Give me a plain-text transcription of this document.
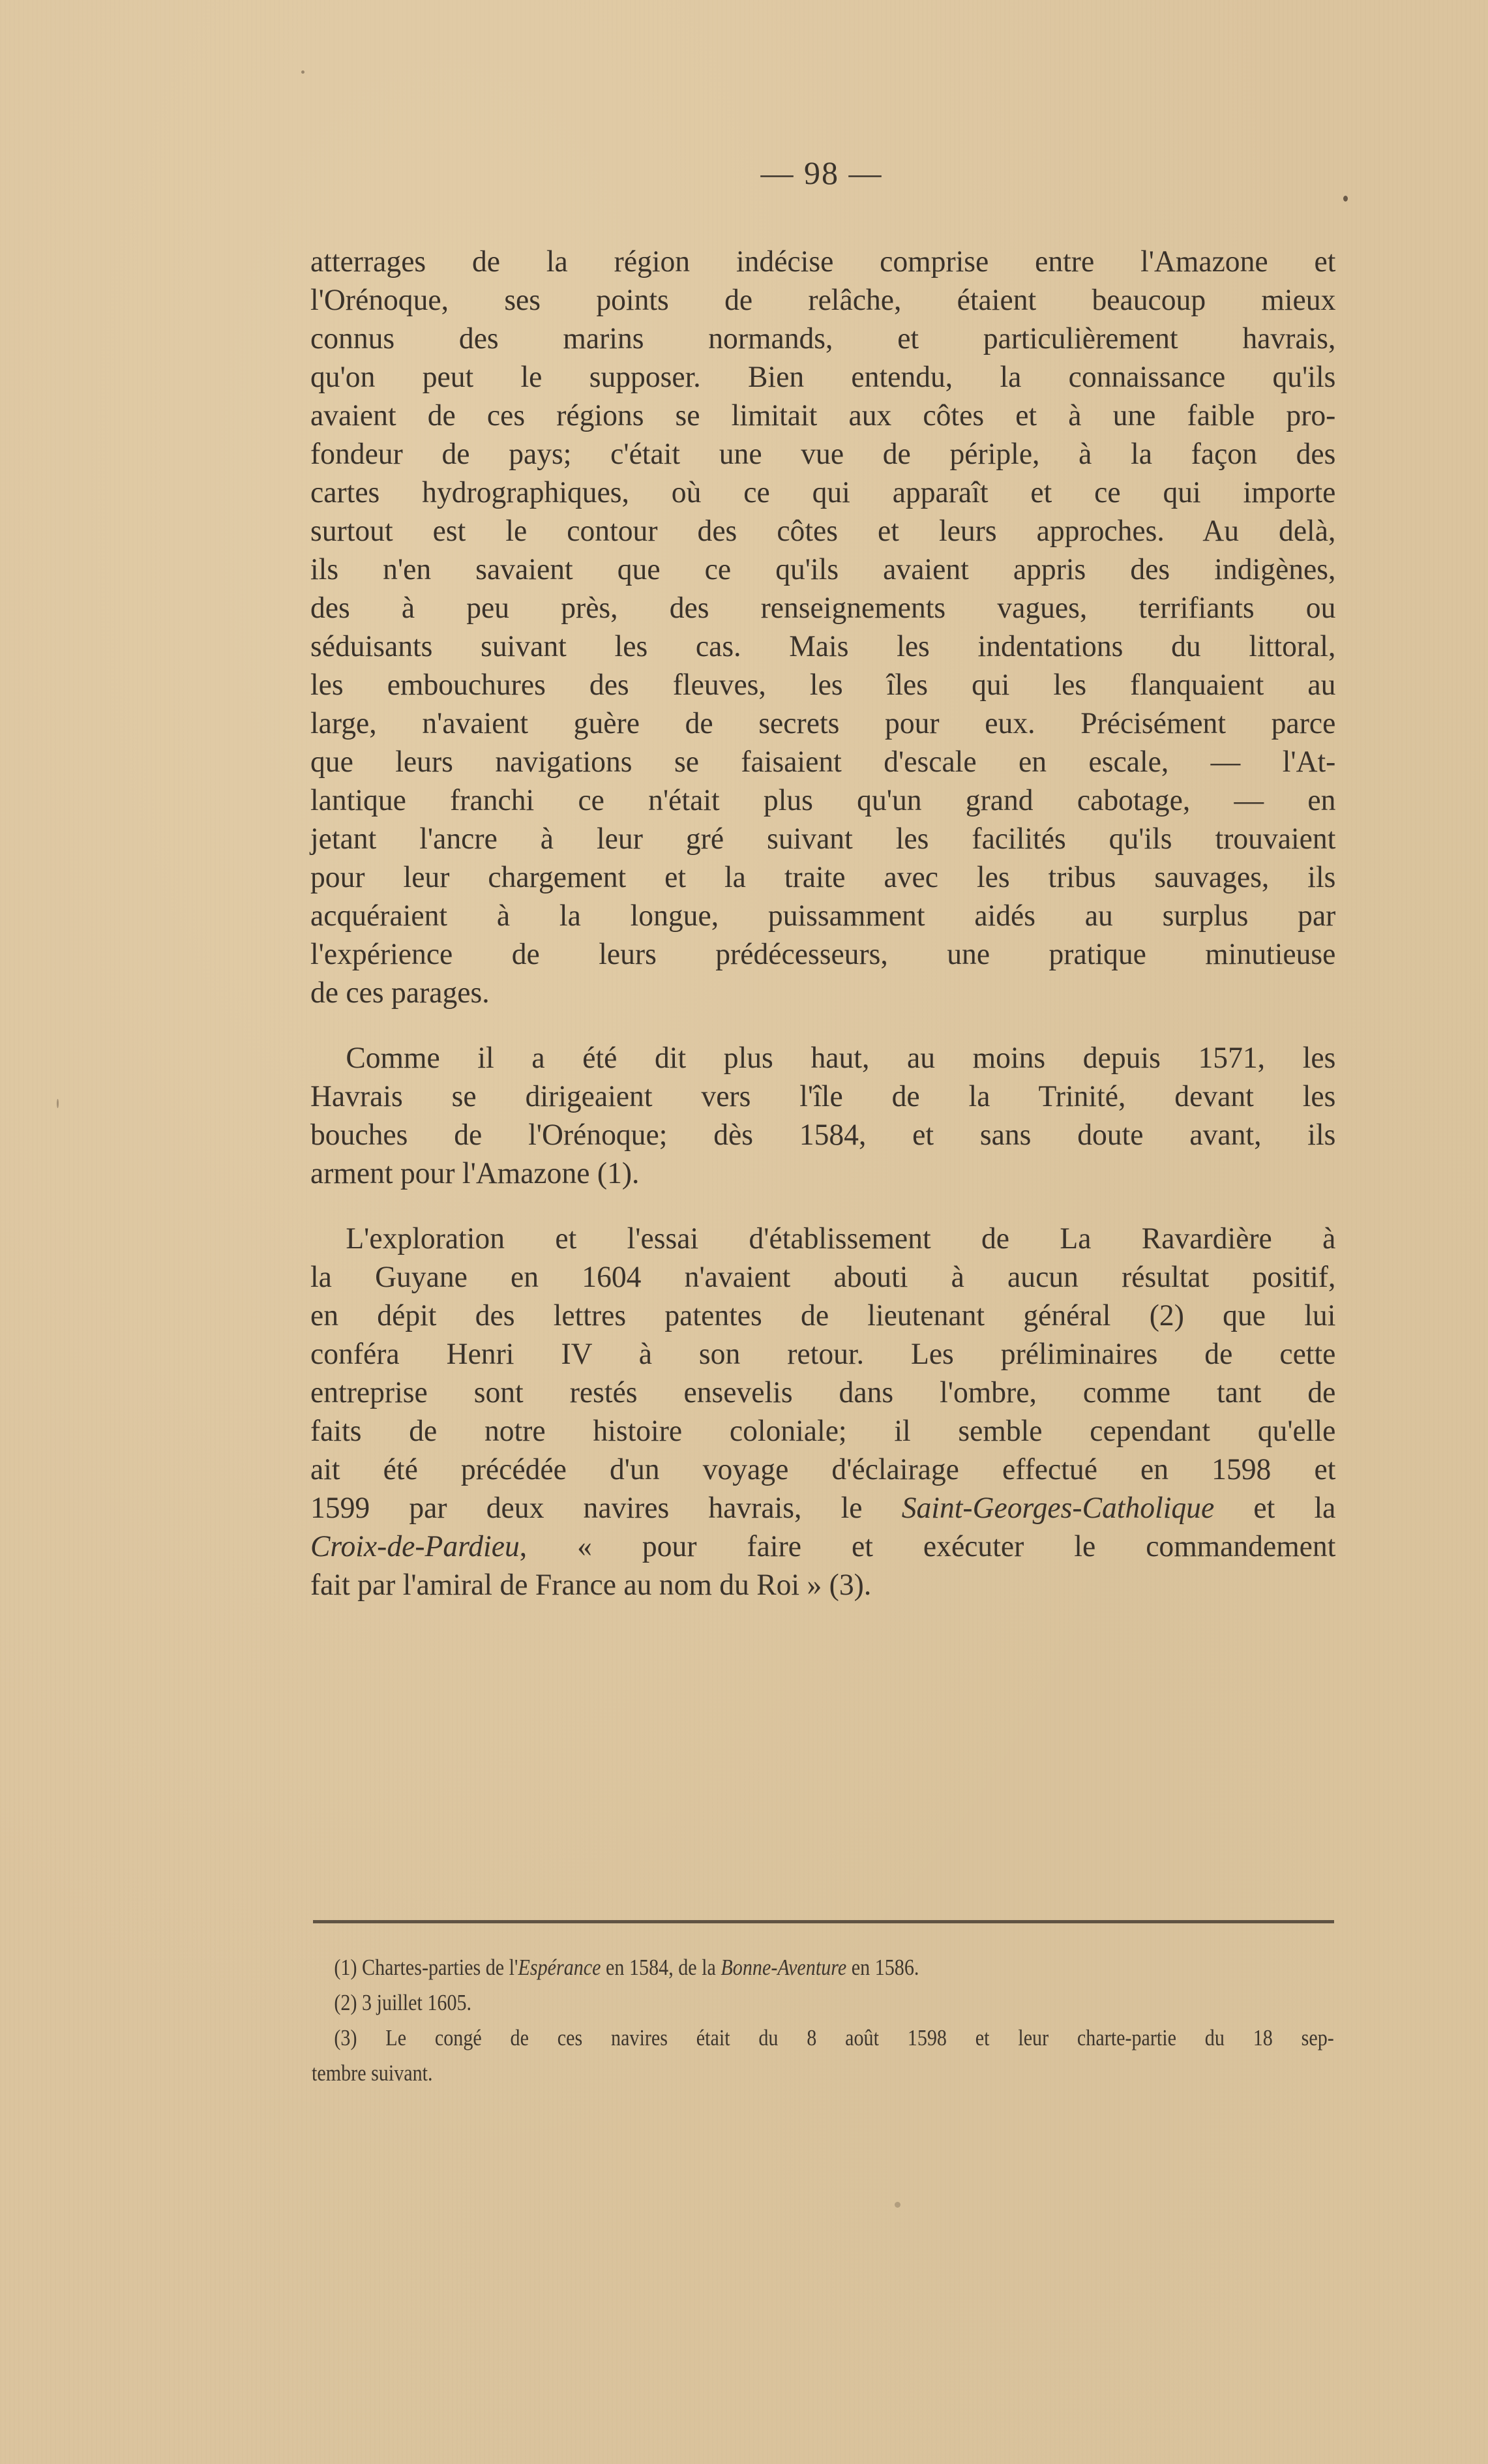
— 98 —
atterrages de la région indécise comprise entre l'Amazone et
l'Orénoque, ses points de relâche, étaient beaucoup mieux
connus des marins normands, et particulièrement havrais,
qu'on peut le supposer. Bien entendu, la connaissance qu'ils
avaient de ces régions se limitait aux côtes et à une faible pro-
fondeur de pays; c'était une vue de périple, à la façon des
cartes hydrographiques, où ce qui apparaît et ce qui importe
surtout est le contour des côtes et leurs approches. Au delà,
ils n'en savaient que ce qu'ils avaient appris des indigènes,
des à peu près, des renseignements vagues, terrifiants ou
séduisants suivant les cas. Mais les indentations du littoral,
les embouchures des fleuves, les îles qui les flanquaient au
large, n'avaient guère de secrets pour eux. Précisément parce
que leurs navigations se faisaient d'escale en escale, — l'At-
lantique franchi ce n'était plus qu'un grand cabotage, — en
jetant l'ancre à leur gré suivant les facilités qu'ils trouvaient
pour leur chargement et la traite avec les tribus sauvages, ils
acquéraient à la longue, puissamment aidés au surplus par
l'expérience de leurs prédécesseurs, une pratique minutieuse
de ces parages.
Comme il a été dit plus haut, au moins depuis 1571, les
Havrais se dirigeaient vers l'île de la Trinité, devant les
bouches de l'Orénoque; dès 1584, et sans doute avant, ils
arment pour l'Amazone (1).
L'exploration et l'essai d'établissement de La Ravardière à
la Guyane en 1604 n'avaient abouti à aucun résultat positif,
en dépit des lettres patentes de lieutenant général (2) que lui
conféra Henri IV à son retour. Les préliminaires de cette
entreprise sont restés ensevelis dans l'ombre, comme tant de
faits de notre histoire coloniale; il semble cependant qu'elle
ait été précédée d'un voyage d'éclairage effectué en 1598 et
1599 par deux navires havrais, le Saint-Georges-Catholique et la
Croix-de-Pardieu, « pour faire et exécuter le commandement
fait par l'amiral de France au nom du Roi » (3).
(1) Chartes-parties de l'Espérance en 1584, de la Bonne-Aventure en 1586.
(2) 3 juillet 1605.
(3) Le congé de ces navires était du 8 août 1598 et leur charte-partie du 18 sep-
tembre suivant.
